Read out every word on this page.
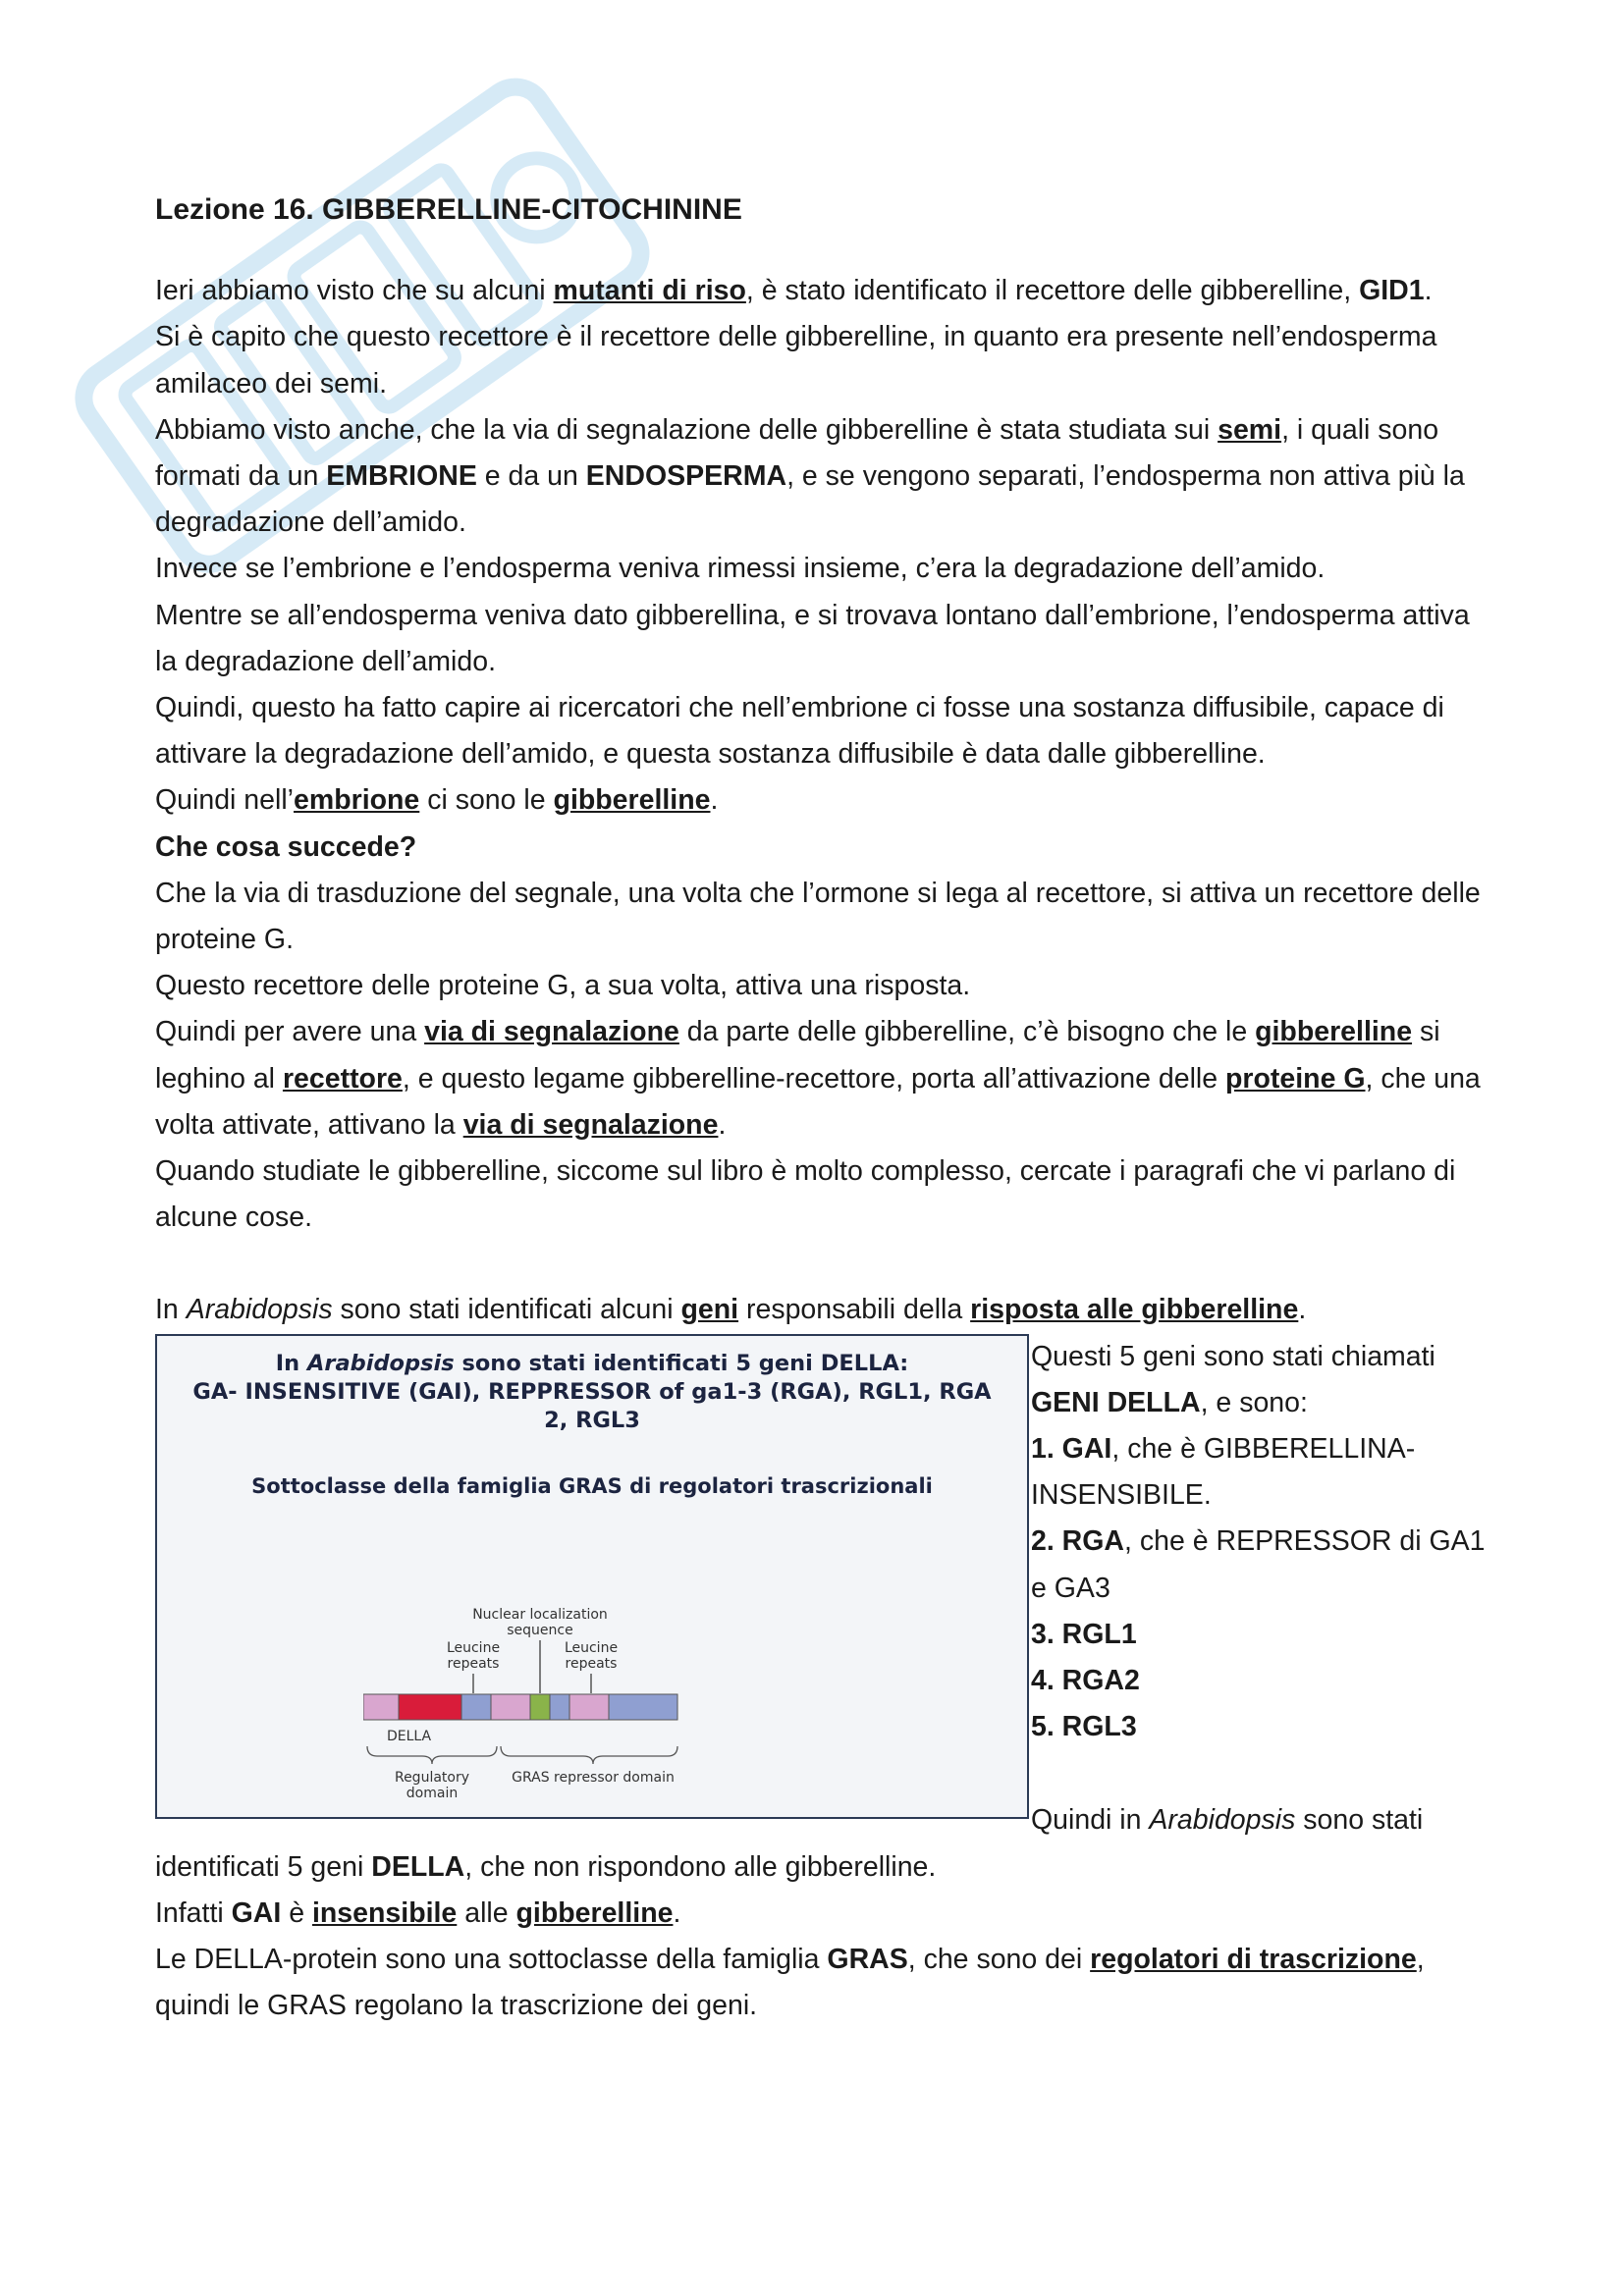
Lezione 16. GIBBERELLINE-CITOCHININE

Ieri abbiamo visto che su alcuni mutanti di riso, è stato identificato il recettore delle gibberelline, GID1.

Si è capito che questo recettore è il recettore delle gibberelline, in quanto era presente nell’endosperma amilaceo dei semi.

Abbiamo visto anche, che la via di segnalazione delle gibberelline è stata studiata sui semi, i quali sono formati da un EMBRIONE e da un ENDOSPERMA, e se vengono separati, l’endosperma non attiva più la degradazione dell’amido.

Invece se l’embrione e l’endosperma veniva rimessi insieme, c’era la degradazione dell’amido.

Mentre se all’endosperma veniva dato gibberellina, e si trovava lontano dall’embrione, l’endosperma attiva la degradazione dell’amido.

Quindi, questo ha fatto capire ai ricercatori che nell’embrione ci fosse una sostanza diffusibile, capace di attivare la degradazione dell’amido, e questa sostanza diffusibile è data dalle gibberelline.

Quindi nell’embrione ci sono le gibberelline.

Che cosa succede?

Che la via di trasduzione del segnale, una volta che l’ormone si lega al recettore, si attiva un recettore delle proteine G.

Questo recettore delle proteine G, a sua volta, attiva una risposta.

Quindi per avere una via di segnalazione da parte delle gibberelline, c’è bisogno che le gibberelline si leghino al recettore, e questo legame gibberelline-recettore, porta all’attivazione delle proteine G, che una volta attivate, attivano la via di segnalazione.

Quando studiate le gibberelline, siccome sul libro è molto complesso, cercate i paragrafi che vi parlano di alcune cose.

In Arabidopsis sono stati identificati alcuni geni responsabili della risposta alle gibberelline.

In Arabidopsis sono stati identificati 5 geni DELLA:
GA- INSENSITIVE (GAI), REPPRESSOR of ga1-3 (RGA), RGL1, RGA
2, RGL3
Sottoclasse della famiglia GRAS di regolatori trascrizionali
Nuclear localization
sequence
Leucine
repeats
Leucine
repeats
DELLA
Regulatory
domain
GRAS repressor domain

Questi 5 geni sono stati chiamati

GENI DELLA, e sono:

1. GAI, che è GIBBERELLINA-INSENSIBILE.

2. RGA, che è REPRESSOR di GA1 e GA3

3. RGL1

4. RGA2

5. RGL3

Quindi in Arabidopsis sono stati

identificati 5 geni DELLA, che non rispondono alle gibberelline.

Infatti GAI è insensibile alle gibberelline.

Le DELLA-protein sono una sottoclasse della famiglia GRAS, che sono dei regolatori di trascrizione, quindi le GRAS regolano la trascrizione dei geni.
